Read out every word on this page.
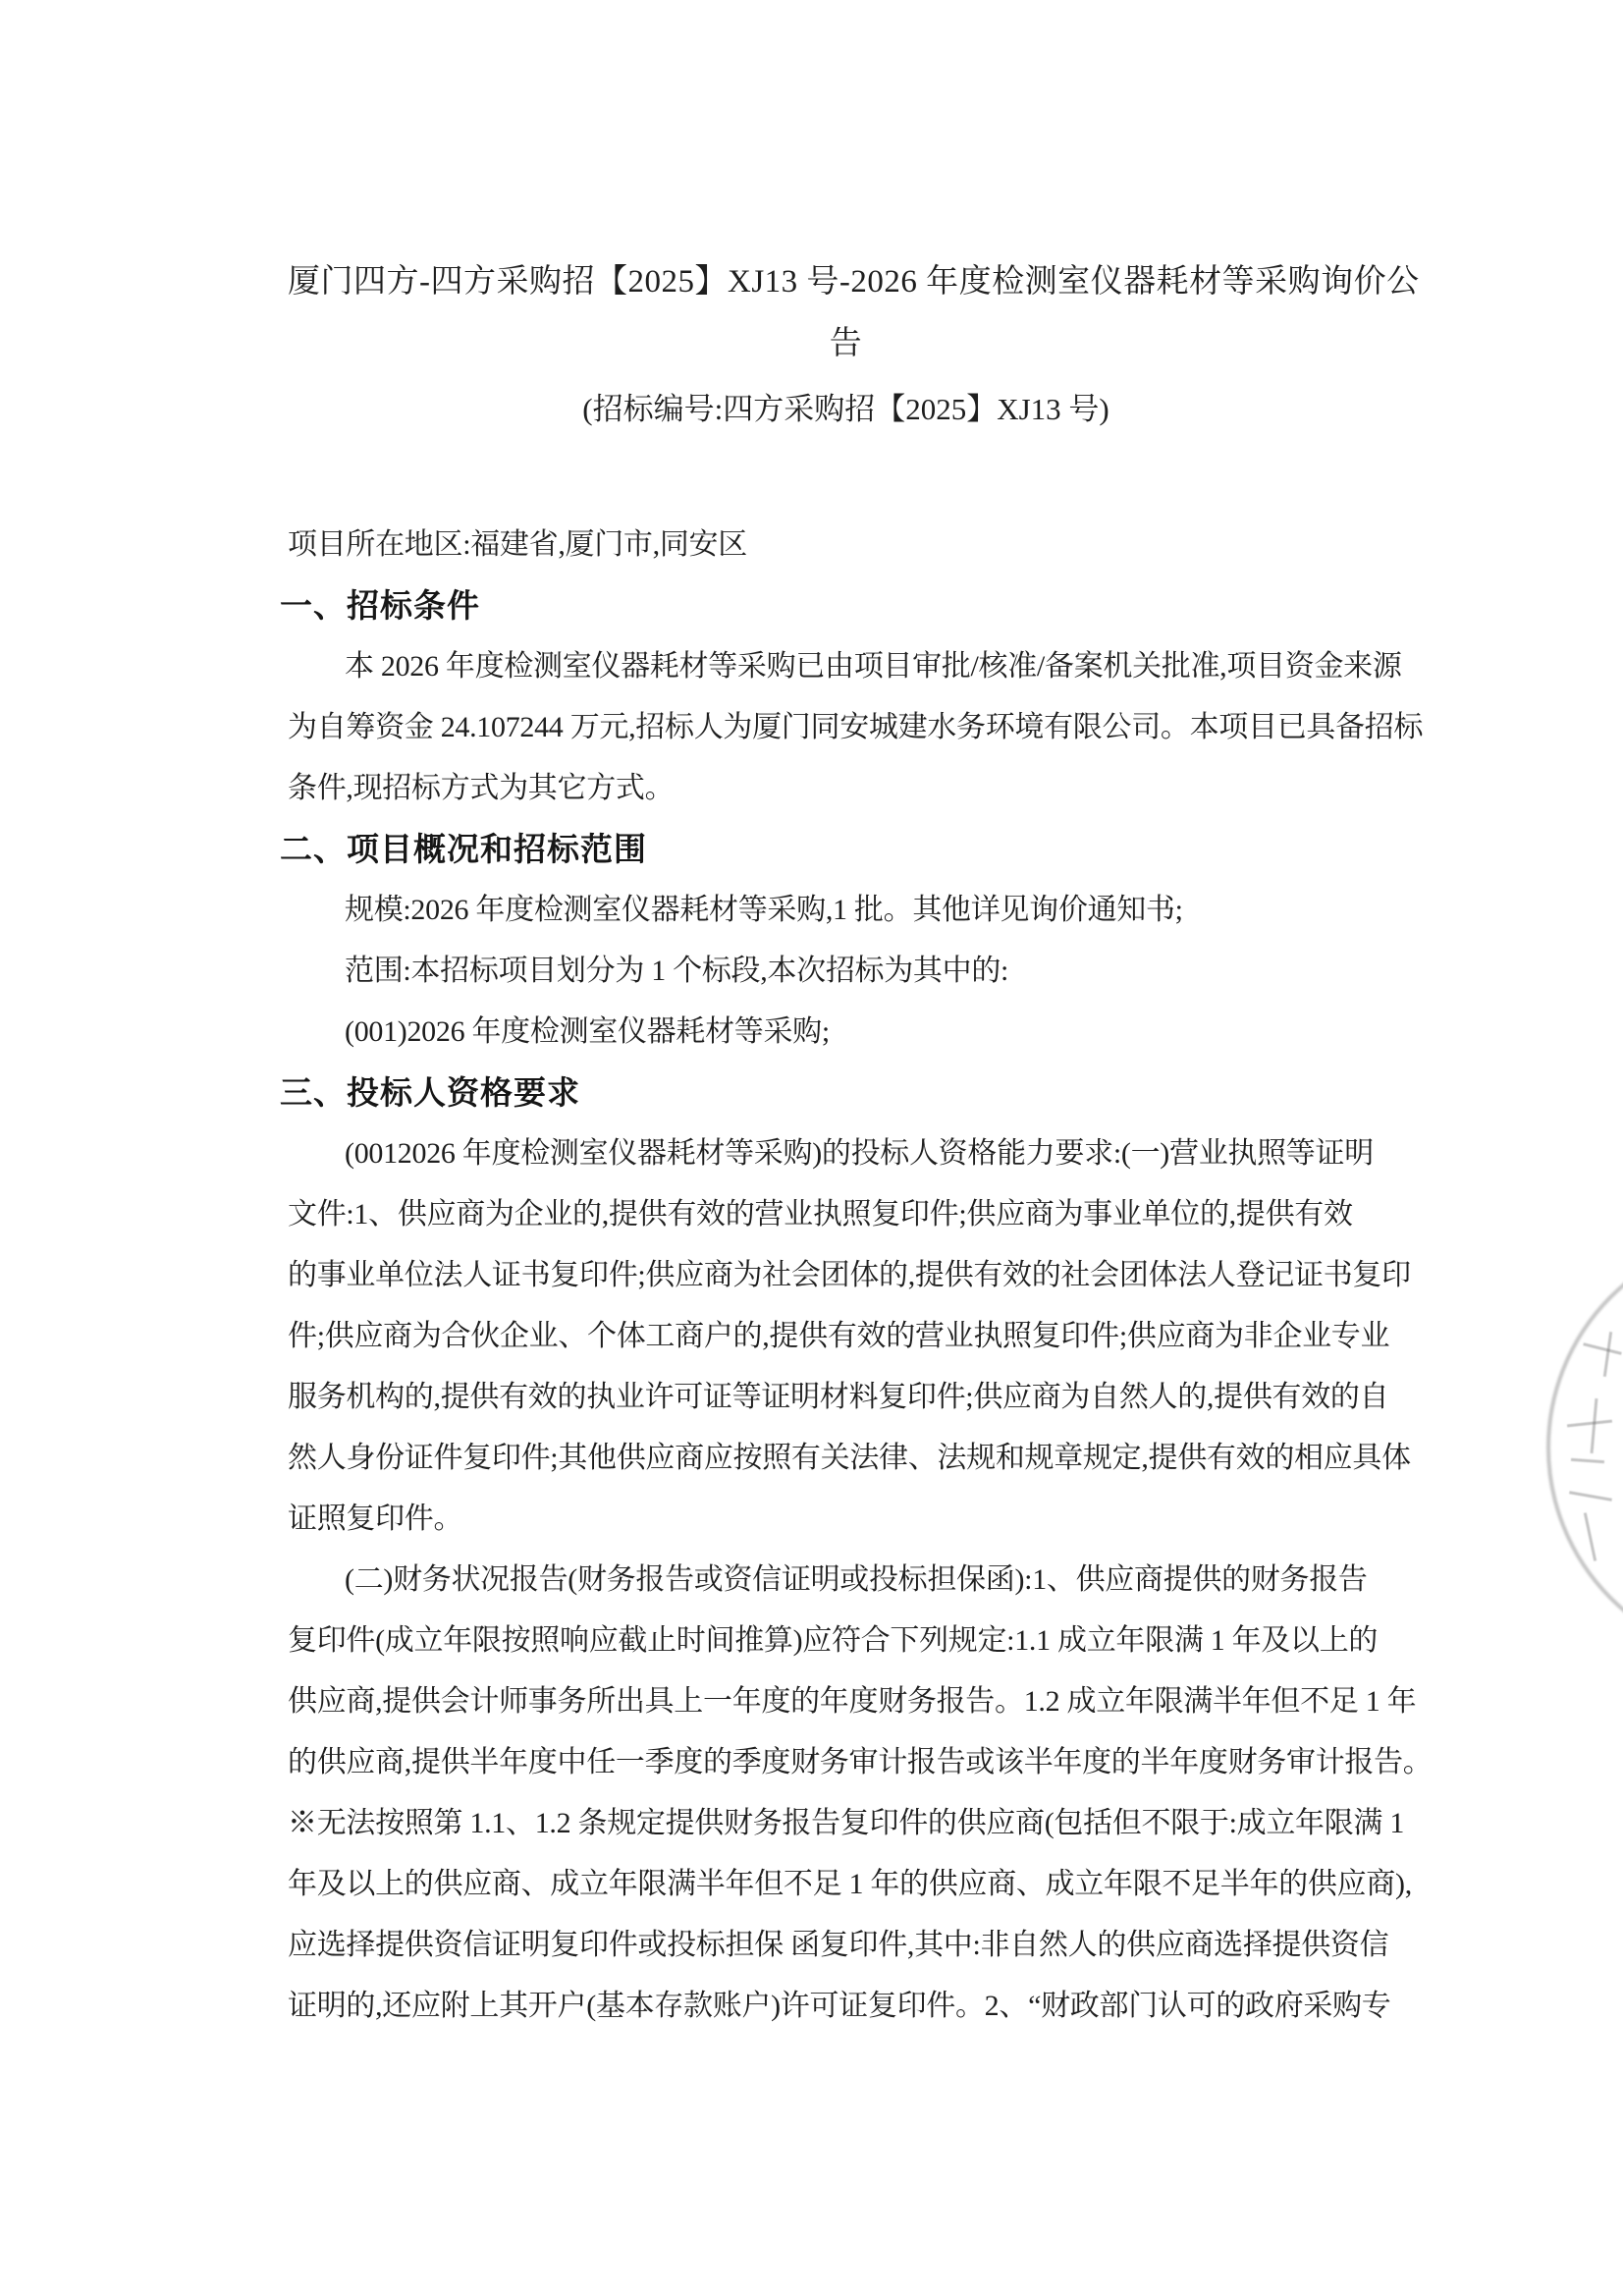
厦门四方-四方采购招【2025】XJ13 号-2026 年度检测室仪器耗材等采购询价公
告
(招标编号:四方采购招【2025】XJ13 号)
项目所在地区:福建省,厦门市,同安区
一、招标条件
本 2026 年度检测室仪器耗材等采购已由项目审批/核准/备案机关批准,项目资金来源
为自筹资金 24.107244 万元,招标人为厦门同安城建水务环境有限公司。本项目已具备招标
条件,现招标方式为其它方式。
二、项目概况和招标范围
规模:2026 年度检测室仪器耗材等采购,1 批。其他详见询价通知书;
范围:本招标项目划分为 1 个标段,本次招标为其中的:
(001)2026 年度检测室仪器耗材等采购;
三、投标人资格要求
(0012026 年度检测室仪器耗材等采购)的投标人资格能力要求:(一)营业执照等证明
文件:1、供应商为企业的,提供有效的营业执照复印件;供应商为事业单位的,提供有效
的事业单位法人证书复印件;供应商为社会团体的,提供有效的社会团体法人登记证书复印
件;供应商为合伙企业、个体工商户的,提供有效的营业执照复印件;供应商为非企业专业
服务机构的,提供有效的执业许可证等证明材料复印件;供应商为自然人的,提供有效的自
然人身份证件复印件;其他供应商应按照有关法律、法规和规章规定,提供有效的相应具体
证照复印件。
(二)财务状况报告(财务报告或资信证明或投标担保函):1、供应商提供的财务报告
复印件(成立年限按照响应截止时间推算)应符合下列规定:1.1 成立年限满 1 年及以上的
供应商,提供会计师事务所出具上一年度的年度财务报告。1.2 成立年限满半年但不足 1 年
的供应商,提供半年度中任一季度的季度财务审计报告或该半年度的半年度财务审计报告。
※无法按照第 1.1、1.2 条规定提供财务报告复印件的供应商(包括但不限于:成立年限满 1
年及以上的供应商、成立年限满半年但不足 1 年的供应商、成立年限不足半年的供应商),
应选择提供资信证明复印件或投标担保 函复印件,其中:非自然人的供应商选择提供资信
证明的,还应附上其开户(基本存款账户)许可证复印件。2、“财政部门认可的政府采购专
